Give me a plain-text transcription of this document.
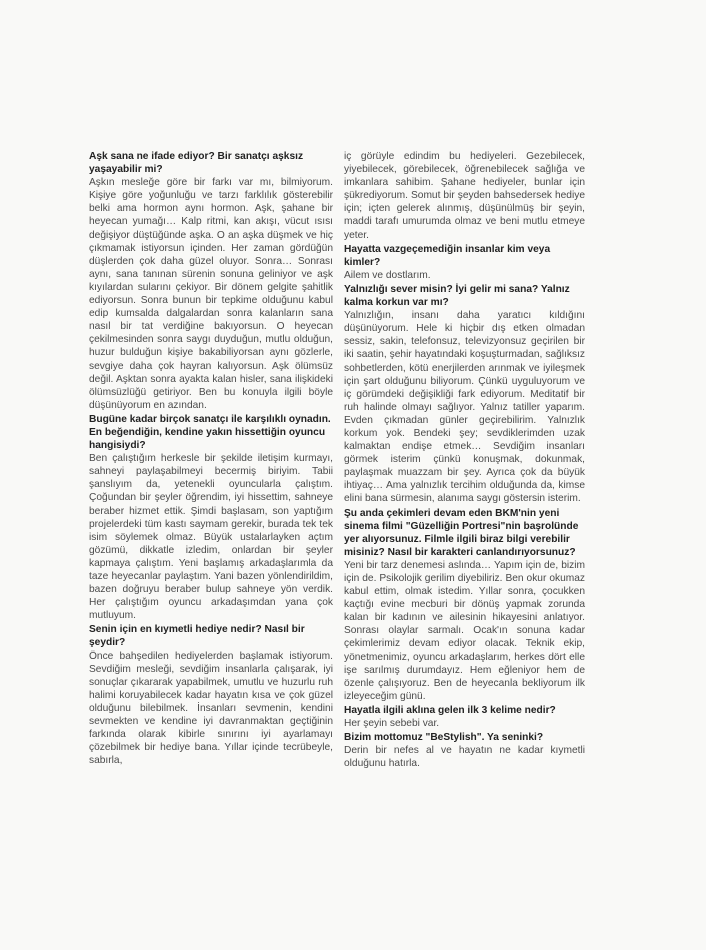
Aşk sana ne ifade ediyor? Bir sanatçı aşksız yaşayabilir mi?

Aşkın mesleğe göre bir farkı var mı, bilmiyorum. Kişiye göre yoğunluğu ve tarzı farklılık gösterebilir belki ama hormon aynı hormon. Aşk, şahane bir heyecan yumağı… Kalp ritmi, kan akışı, vücut ısısı değişiyor düştüğünde aşka. O an aşka düşmek ve hiç çıkmamak istiyorsun içinden. Her zaman gördüğün düşlerden çok daha güzel oluyor. Sonra… Sonrası aynı, sana tanınan sürenin sonuna geliniyor ve aşk kıyılardan sularını çekiyor. Bir dönem gelgite şahitlik ediyorsun. Sonra bunun bir tepkime olduğunu kabul edip kumsalda dalgalardan sonra kalanların sana nasıl bir tat verdiğine bakıyorsun. O heyecan çekilmesinden sonra saygı duyduğun, mutlu olduğun, huzur bulduğun kişiye bakabiliyorsan aynı gözlerle, sevgiye daha çok hayran kalıyorsun. Aşk ölümsüz değil. Aşktan sonra ayakta kalan hisler, sana ilişkideki ölümsüzlüğü getiriyor. Ben bu konuyla ilgili böyle düşünüyorum en azından.

Bugüne kadar birçok sanatçı ile karşılıklı oynadın. En beğendiğin, kendine yakın hissettiğin oyuncu hangisiydi?

Ben çalıştığım herkesle bir şekilde iletişim kurmayı, sahneyi paylaşabilmeyi becermiş biriyim. Tabii şanslıyım da, yetenekli oyuncularla çalıştım. Çoğundan bir şeyler öğrendim, iyi hissettim, sahneye beraber hizmet ettik. Şimdi başlasam, son yaptığım projelerdeki tüm kastı saymam gerekir, burada tek tek isim söylemek olmaz. Büyük ustalarlayken açtım gözümü, dikkatle izledim, onlardan bir şeyler kapmaya çalıştım. Yeni başlamış arkadaşlarımla da taze heyecanlar paylaştım. Yani bazen yönlendirildim, bazen doğruyu beraber bulup sahneye yön verdik. Her çalıştığım oyuncu arkadaşımdan yana çok mutluyum.

Senin için en kıymetli hediye nedir? Nasıl bir şeydir?

Önce bahşedilen hediyelerden başlamak istiyorum. Sevdiğim mesleği, sevdiğim insanlarla çalışarak, iyi sonuçlar çıkararak yapabilmek, umutlu ve huzurlu ruh halimi koruyabilecek kadar hayatın kısa ve çok güzel olduğunu bilebilmek. İnsanları sevmenin, kendini sevmekten ve kendine iyi davranmaktan geçtiğinin farkında olarak kibirle sınırını iyi ayarlamayı çözebilmek bir hediye bana. Yıllar içinde tecrübeyle, sabırla,

iç görüyle edindim bu hediyeleri. Gezebilecek, yiyebilecek, görebilecek, öğrenebilecek sağlığa ve imkanlara sahibim. Şahane hediyeler, bunlar için şükrediyorum. Somut bir şeyden bahsedersek hediye için; içten gelerek alınmış, düşünülmüş bir şeyin, maddi tarafı umurumda olmaz ve beni mutlu etmeye yeter.

Hayatta vazgeçemediğin insanlar kim veya kimler?

Ailem ve dostlarım.

Yalnızlığı sever misin? İyi gelir mi sana? Yalnız kalma korkun var mı?

Yalnızlığın, insanı daha yaratıcı kıldığını düşünüyorum. Hele ki hiçbir dış etken olmadan sessiz, sakin, telefonsuz, televizyonsuz geçirilen bir iki saatin, şehir hayatındaki koşuşturmadan, sağlıksız sohbetlerden, kötü enerjilerden arınmak ve iyileşmek için şart olduğunu biliyorum. Çünkü uyguluyorum ve iç görümdeki değişikliği fark ediyorum. Meditatif bir ruh halinde olmayı sağlıyor. Yalnız tatiller yaparım. Evden çıkmadan günler geçirebilirim. Yalnızlık korkum yok. Bendeki şey; sevdiklerimden uzak kalmaktan endişe etmek… Sevdiğim insanları görmek isterim çünkü konuşmak, dokunmak, paylaşmak muazzam bir şey. Ayrıca çok da büyük ihtiyaç… Ama yalnızlık tercihim olduğunda da, kimse elini bana sürmesin, alanıma saygı göstersin isterim.

Şu anda çekimleri devam eden BKM'nin yeni sinema filmi "Güzelliğin Portresi"nin başrolünde yer alıyorsunuz. Filmle ilgili biraz bilgi verebilir misiniz? Nasıl bir karakteri canlandırıyorsunuz?

Yeni bir tarz denemesi aslında… Yapım için de, bizim için de. Psikolojik gerilim diyebiliriz. Ben okur okumaz kabul ettim, olmak istedim. Yıllar sonra, çocukken kaçtığı evine mecburi bir dönüş yapmak zorunda kalan bir kadının ve ailesinin hikayesini anlatıyor. Sonrası olaylar sarmalı. Ocak'ın sonuna kadar çekimlerimiz devam ediyor olacak. Teknik ekip, yönetmenimiz, oyuncu arkadaşlarım, herkes dört elle işe sarılmış durumdayız. Hem eğleniyor hem de özenle çalışıyoruz. Ben de heyecanla bekliyorum ilk izleyeceğim günü.

Hayatla ilgili aklına gelen ilk 3 kelime nedir?

Her şeyin sebebi var.

Bizim mottomuz "BeStylish". Ya seninki?

Derin bir nefes al ve hayatın ne kadar kıymetli olduğunu hatırla.
